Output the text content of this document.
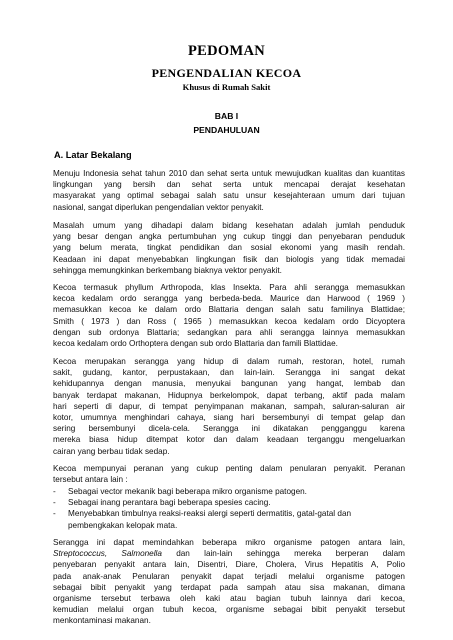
PEDOMAN
PENGENDALIAN KECOA
Khusus di Rumah Sakit
BAB I
PENDAHULUAN
A. Latar Bekalang
Menuju Indonesia sehat tahun 2010 dan sehat serta untuk mewujudkan kualitas dan kuantitas
lingkungan yang bersih dan sehat serta untuk mencapai derajat kesehatan
masyarakat yang optimal sebagai salah satu unsur kesejahteraan umum dari tujuan
nasional, sangat diperlukan pengendalian vektor penyakit.
Masalah umum yang dihadapi dalam bidang kesehatan adalah jumlah penduduk
yang besar dengan angka pertumbuhan yng cukup tinggi dan penyebaran penduduk
yang belum merata, tingkat pendidikan dan sosial ekonomi yang masih rendah.
Keadaan ini dapat menyebabkan lingkungan fisik dan biologis yang tidak memadai
sehingga memungkinkan berkembang biaknya vektor penyakit.
Kecoa termasuk phyllum Arthropoda, klas Insekta. Para ahli serangga memasukkan
kecoa kedalam ordo serangga yang berbeda-beda. Maurice dan Harwood ( 1969 )
memasukkan kecoa ke dalam ordo Blattaria dengan salah satu familinya Blattidae;
Smith ( 1973 ) dan Ross ( 1965 ) memasukkan kecoa kedalam ordo Dicyoptera
dengan sub ordonya Blattaria; sedangkan para ahli serangga lainnya memasukkan
kecoa kedalam ordo Orthoptera dengan sub ordo Blattaria dan famili Blattidae.
Kecoa merupakan serangga yang hidup di dalam rumah, restoran, hotel, rumah
sakit, gudang, kantor, perpustakaan, dan lain-lain. Serangga ini sangat dekat
kehidupannya dengan manusia, menyukai bangunan yang hangat, lembab dan
banyak terdapat makanan, Hidupnya berkelompok, dapat terbang, aktif pada malam
hari seperti di dapur, di tempat penyimpanan makanan, sampah, saluran-saluran air
kotor, umumnya menghindari cahaya, siang hari bersembunyi di tempat gelap dan
sering bersembunyi dicela-cela. Serangga ini dikatakan pengganggu karena
mereka biasa hidup ditempat kotor dan dalam keadaan terganggu mengeluarkan
cairan yang berbau tidak sedap.
Kecoa mempunyai peranan yang cukup penting dalam penularan penyakit. Peranan
tersebut antara lain :
-	Sebagai vector mekanik bagi beberapa mikro organisme patogen.
-	Sebagai inang perantara bagi beberapa spesies cacing.
-	Menyebabkan timbulnya reaksi-reaksi alergi seperti dermatitis, gatal-gatal dan
pembengkakan kelopak mata.
Serangga ini dapat memindahkan beberapa mikro organisme patogen antara lain,
Streptococcus, Salmonella dan lain-lain sehingga mereka berperan dalam
penyebaran penyakit antara lain, Disentri, Diare, Cholera, Virus Hepatitis A, Polio
pada anak-anak Penularan penyakit dapat terjadi melalui organisme patogen
sebagai bibit penyakit yang terdapat pada sampah atau sisa makanan, dimana
organisme tersebut terbawa oleh kaki atau bagian tubuh lainnya dari kecoa,
kemudian melalui organ tubuh kecoa, organisme sebagai bibit penyakit tersebut
menkontaminasi makanan.
